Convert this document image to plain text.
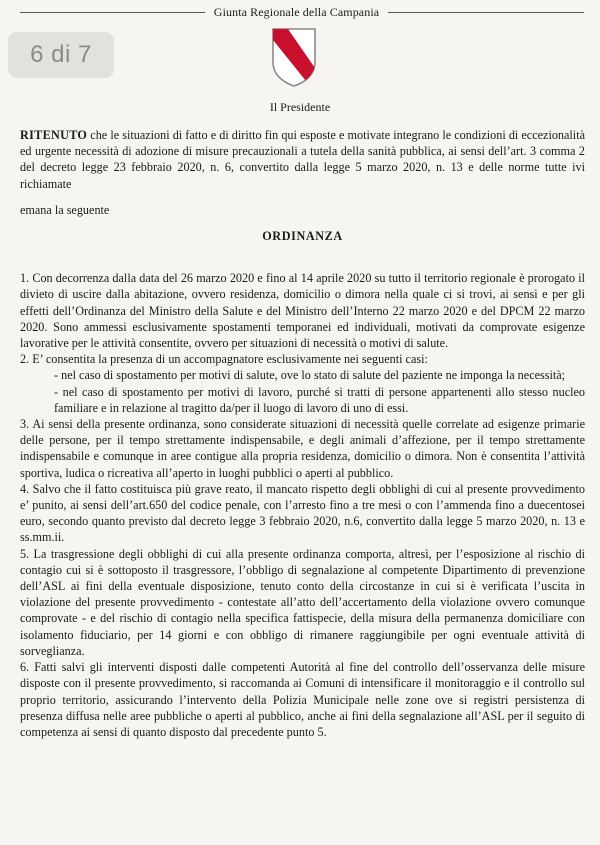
Giunta Regionale della Campania
6 di 7
Il Presidente

RITENUTO che le situazioni di fatto e di diritto fin qui esposte e motivate integrano le condizioni di eccezionalità ed urgente necessità di adozione di misure precauzionali a tutela della sanità pubblica, ai sensi dell’art. 3 comma 2 del decreto legge 23 febbraio 2020, n. 6, convertito dalla legge 5 marzo 2020, n. 13 e delle norme tutte ivi richiamate

emana la seguente

ORDINANZA

1. Con decorrenza dalla data del 26 marzo 2020 e fino al 14 aprile 2020 su tutto il territorio regionale è prorogato il divieto di uscire dalla abitazione, ovvero residenza, domicilio o dimora nella quale ci si trovi, ai sensi e per gli effetti dell’Ordinanza del Ministro della Salute e del Ministro dell’Interno 22 marzo 2020 e del DPCM 22 marzo 2020. Sono ammessi esclusivamente spostamenti temporanei ed individuali, motivati da comprovate esigenze lavorative per le attività consentite, ovvero per situazioni di necessità o motivi di salute.

2. E’ consentita la presenza di un accompagnatore esclusivamente nei seguenti casi:

- nel caso di spostamento per motivi di salute, ove lo stato di salute del paziente ne imponga la necessità;

- nel caso di spostamento per motivi di lavoro, purché si tratti di persone appartenenti allo stesso nucleo familiare e in relazione al tragitto da/per il luogo di lavoro di uno di essi.

3. Ai sensi della presente ordinanza, sono considerate situazioni di necessità quelle correlate ad esigenze primarie delle persone, per il tempo strettamente indispensabile, e degli animali d’affezione, per il tempo strettamente indispensabile e comunque in aree contigue alla propria residenza, domicilio o dimora. Non è consentita l’attività sportiva, ludica o ricreativa all’aperto in luoghi pubblici o aperti al pubblico.

4. Salvo che il fatto costituisca più grave reato, il mancato rispetto degli obblighi di cui al presente provvedimento e’ punito, ai sensi dell’art.650 del codice penale, con l’arresto fino a tre mesi o con l’ammenda fino a duecentosei euro, secondo quanto previsto dal decreto legge 3 febbraio 2020, n.6, convertito dalla legge 5 marzo 2020, n. 13 e ss.mm.ii.

5. La trasgressione degli obblighi di cui alla presente ordinanza comporta, altresì, per l’esposizione al rischio di contagio cui si è sottoposto il trasgressore, l’obbligo di segnalazione al competente Dipartimento di prevenzione dell’ASL ai fini della eventuale disposizione, tenuto conto della circostanze in cui si è verificata l’uscita in violazione del presente provvedimento - contestate all’atto dell’accertamento della violazione ovvero comunque comprovate - e del rischio di contagio nella specifica fattispecie, della misura della permanenza domiciliare con isolamento fiduciario, per 14 giorni e con obbligo di rimanere raggiungibile per ogni eventuale attività di sorveglianza.

6. Fatti salvi gli interventi disposti dalle competenti Autorità al fine del controllo dell’osservanza delle misure disposte con il presente provvedimento, si raccomanda ai Comuni di intensificare il monitoraggio e il controllo sul proprio territorio, assicurando l’intervento della Polizia Municipale nelle zone ove si registri persistenza di presenza diffusa nelle aree pubbliche o aperti al pubblico, anche ai fini della segnalazione all’ASL per il seguito di competenza ai sensi di quanto disposto dal precedente punto 5.
